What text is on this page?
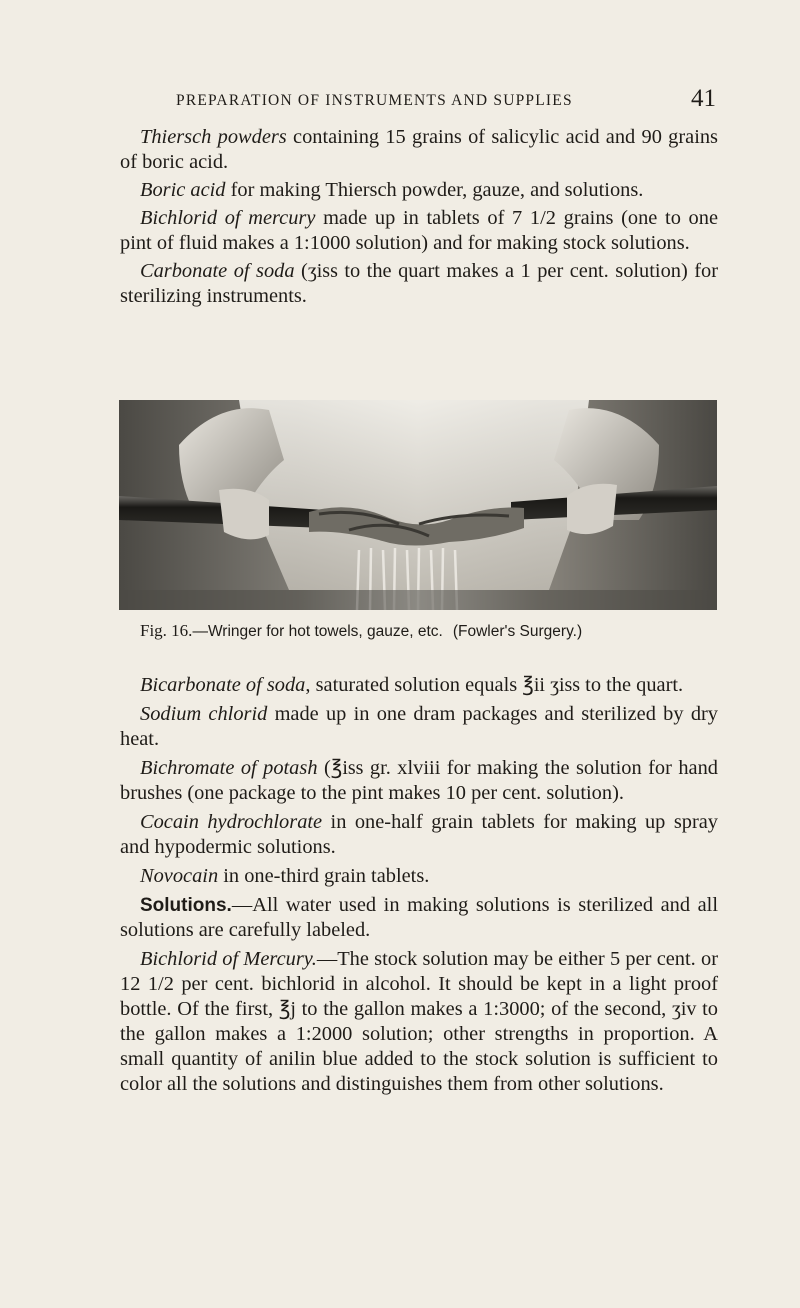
PREPARATION OF INSTRUMENTS AND SUPPLIES	41

Thiersch powders containing 15 grains of salicylic acid and 90 grains of boric acid.

Boric acid for making Thiersch powder, gauze, and solutions.

Bichlorid of mercury made up in tablets of 7 1/2 grains (one to one pint of fluid makes a 1:1000 solution) and for making stock solutions.

Carbonate of soda (ʒiss to the quart makes a 1 per cent. solution) for sterilizing instruments.

Fig. 16.—Wringer for hot towels, gauze, etc. (Fowler's Surgery.)

Bicarbonate of soda, saturated solution equals ℥ii ʒiss to the quart.

Sodium chlorid made up in one dram packages and sterilized by dry heat.

Bichromate of potash (℥iss gr. xlviii for making the solution for hand brushes (one package to the pint makes 10 per cent. solution).

Cocain hydrochlorate in one-half grain tablets for making up spray and hypodermic solutions.

Novocain in one-third grain tablets.

Solutions.—All water used in making solutions is sterilized and all solutions are carefully labeled.

Bichlorid of Mercury.—The stock solution may be either 5 per cent. or 12 1/2 per cent. bichlorid in alcohol. It should be kept in a light proof bottle. Of the first, ℥j to the gallon makes a 1:3000; of the second, ʒiv to the gallon makes a 1:2000 solution; other strengths in proportion. A small quantity of anilin blue added to the stock solution is sufficient to color all the solutions and distinguishes them from other solutions.
